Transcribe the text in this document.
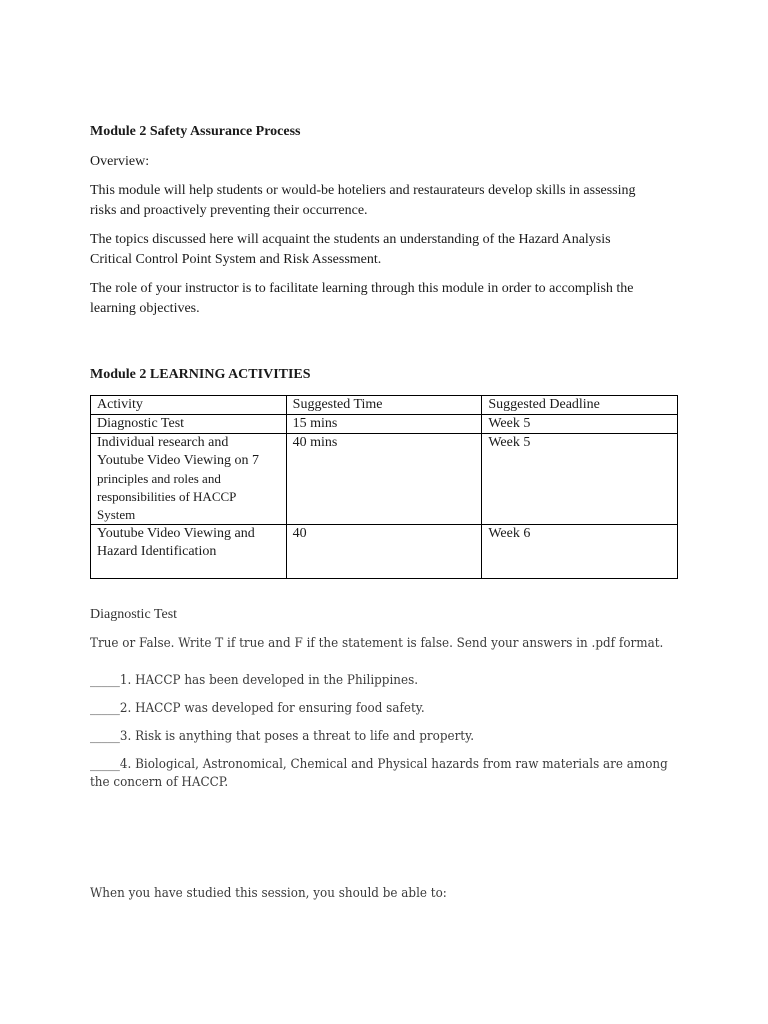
Module 2 Safety Assurance Process

Overview:

This module will help students or would-be hoteliers and restaurateurs develop skills in assessing

risks and proactively preventing their occurrence.

The topics discussed here will acquaint the students an understanding of the Hazard Analysis

Critical Control Point System and Risk Assessment.

The role of your instructor is to facilitate learning through this module in order to accomplish the

learning objectives.

Module 2 LEARNING ACTIVITIES

Activity	Suggested Time	Suggested Deadline
Diagnostic Test	15 mins	Week 5

Individual research and
Youtube Video Viewing on 7
principles and roles and
responsibilities of HACCP
System	40 mins	Week 5

Youtube Video Viewing and
Hazard Identification	40	Week 6

Diagnostic Test

True or False. Write T if true and F if the statement is false. Send your answers in .pdf format.

_____1. HACCP has been developed in the Philippines.

_____2. HACCP was developed for ensuring food safety.

_____3. Risk is anything that poses a threat to life and property.

_____4. Biological, Astronomical, Chemical and Physical hazards from raw materials are among

the concern of HACCP.

When you have studied this session, you should be able to:
